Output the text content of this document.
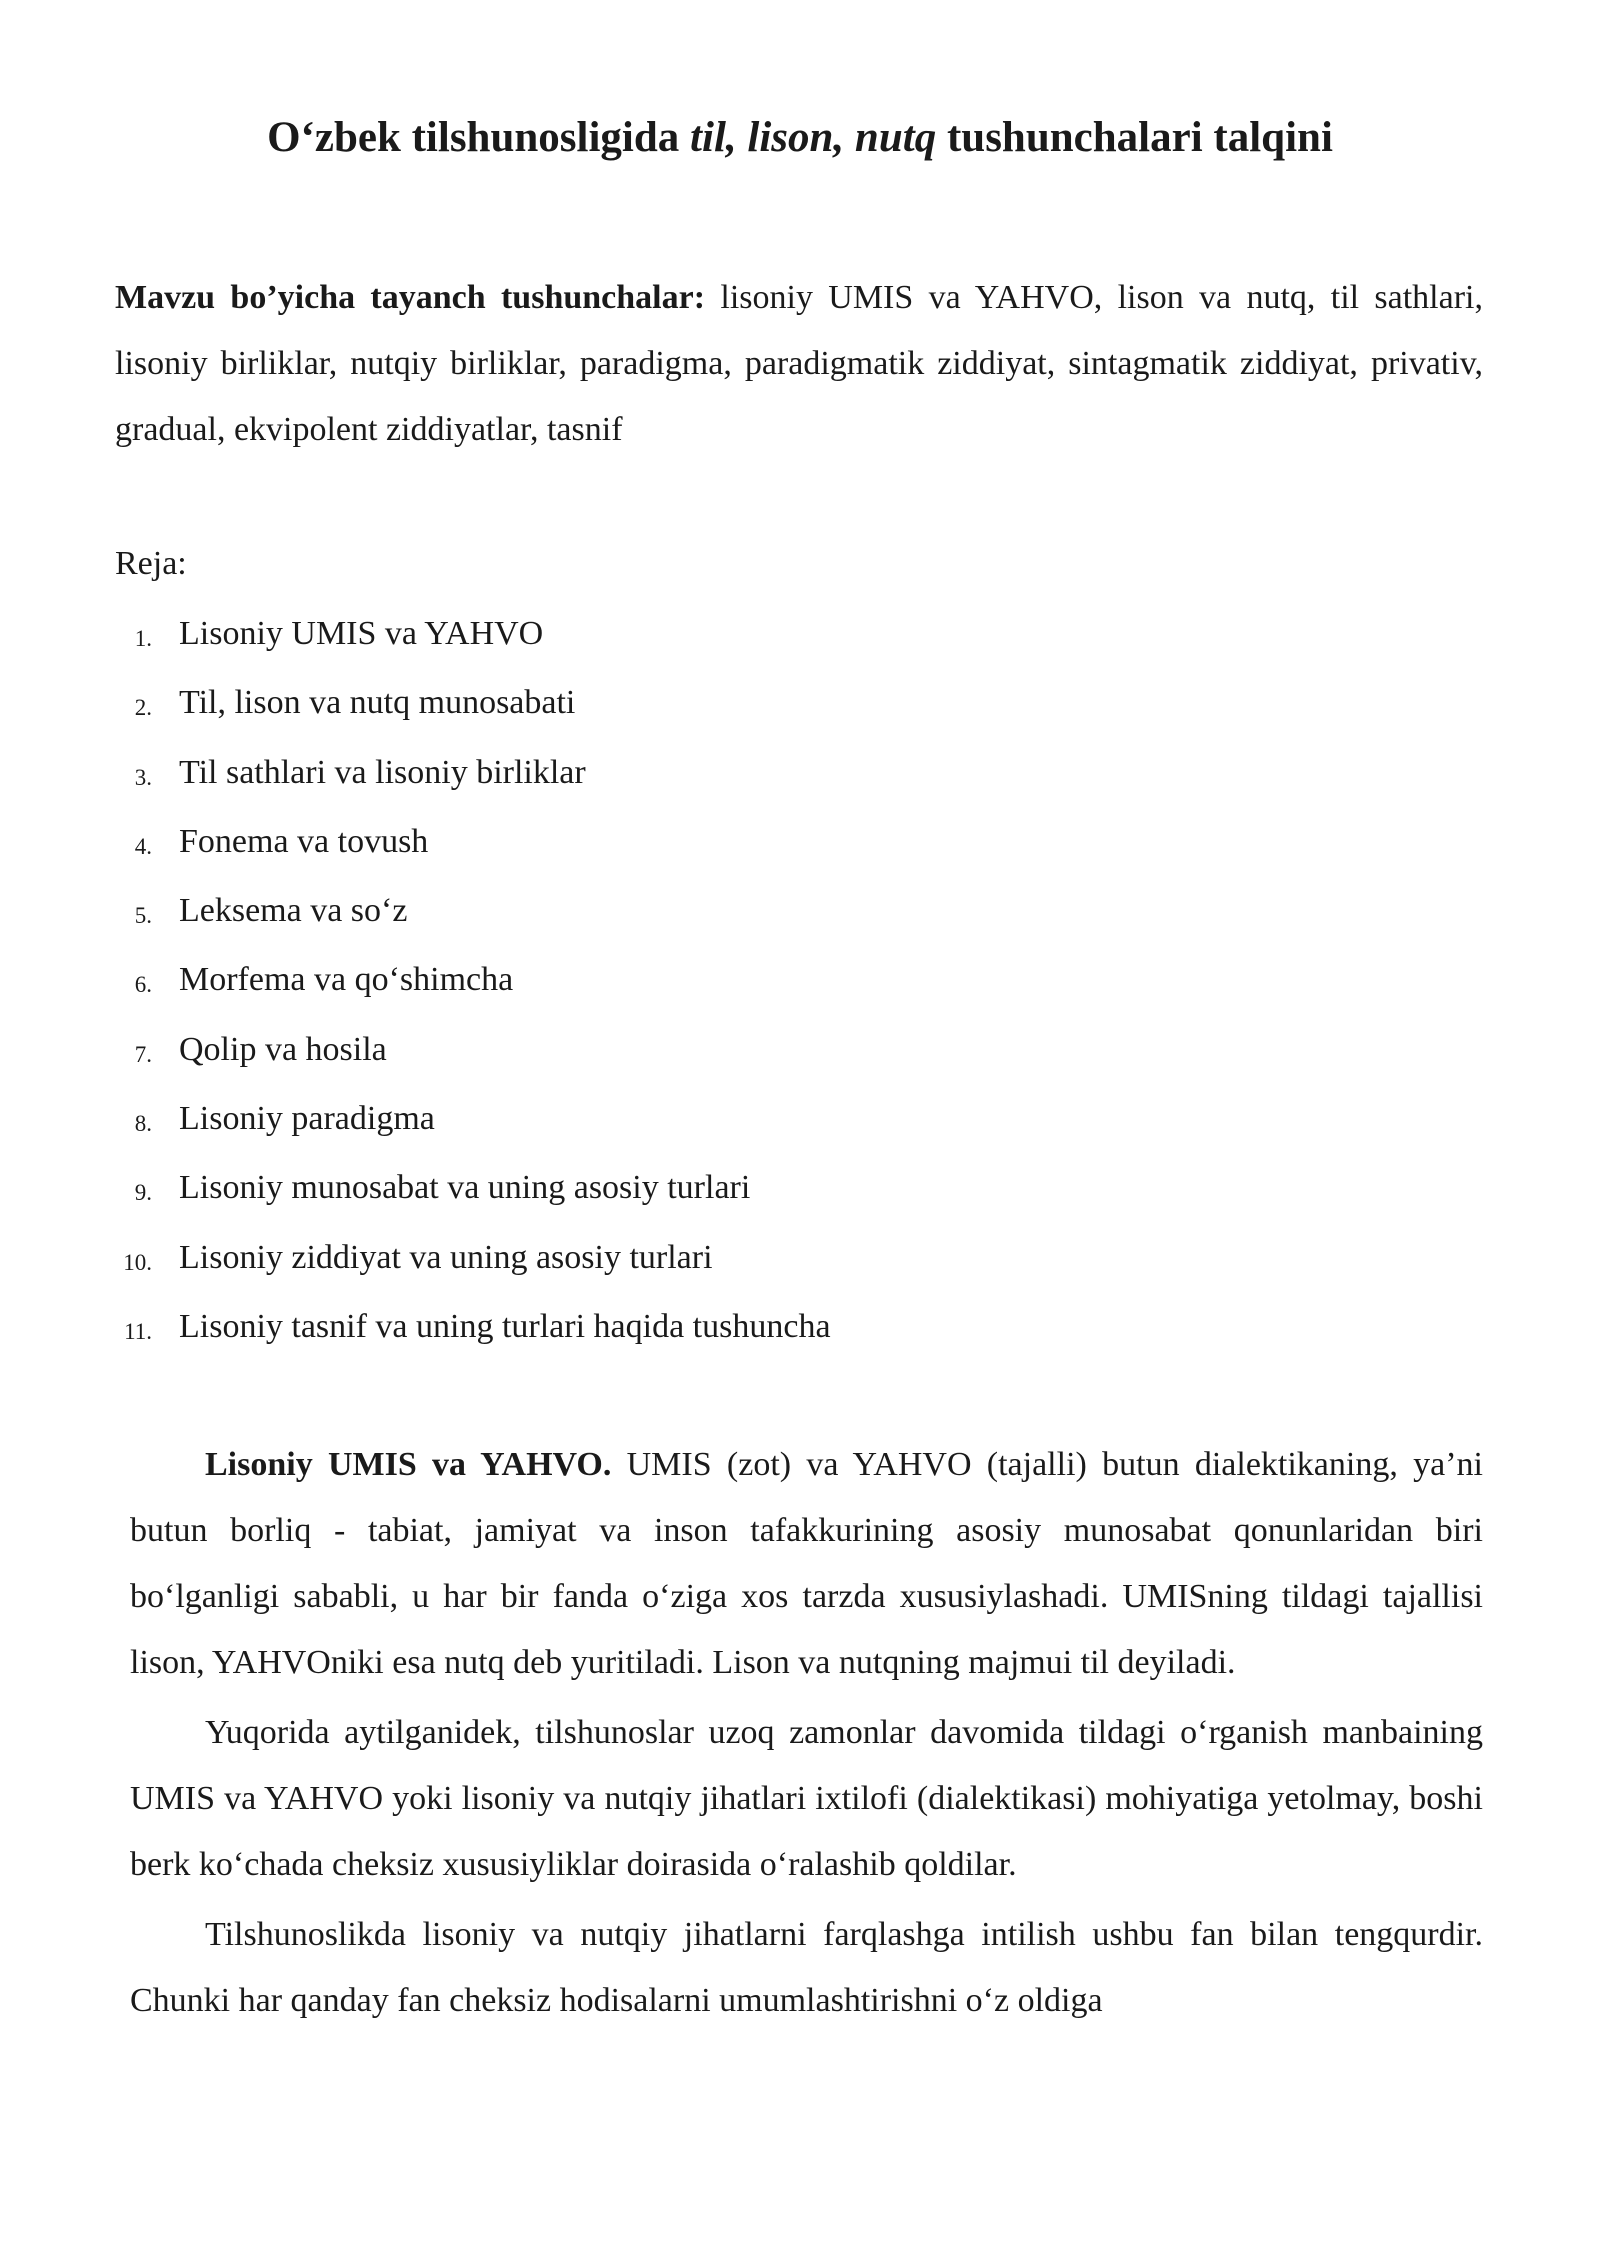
O‘zbek tilshunosligida til, lison, nutq tushunchalari talqini
Mavzu bo’yicha tayanch tushunchalar: lisoniy UMIS va YAHVO, lison va nutq, til sathlari, lisoniy birliklar, nutqiy birliklar, paradigma, paradigmatik ziddiyat, sintagmatik ziddiyat, privativ, gradual, ekvipolent ziddiyatlar, tasnif
Reja:
1. Lisoniy UMIS va YAHVO
2. Til, lison va nutq munosabati
3. Til sathlari va lisoniy birliklar
4. Fonema va tovush
5. Leksema va so‘z
6. Morfema va qo‘shimcha
7. Qolip va hosila
8. Lisoniy paradigma
9. Lisoniy munosabat va uning asosiy turlari
10. Lisoniy ziddiyat va uning asosiy turlari
11. Lisoniy tasnif va uning turlari haqida tushuncha

Lisoniy UMIS va YAHVO. UMIS (zot) va YAHVO (tajalli) butun dialektikaning, ya’ni butun borliq - tabiat, jamiyat va inson tafakkurining asosiy munosabat qonunlaridan biri bo‘lganligi sababli, u har bir fanda o‘ziga xos tarzda xususiylashadi. UMISning tildagi tajallisi lison, YAHVOniki esa nutq deb yuritiladi. Lison va nutqning majmui til deyiladi.

Yuqorida aytilganidek, tilshunoslar uzoq zamonlar davomida tildagi o‘rganish manbaining UMIS va YAHVO yoki lisoniy va nutqiy jihatlari ixtilofi (dialektikasi) mohiyatiga yetolmay, boshi berk ko‘chada cheksiz xususiyliklar doirasida o‘ralashib qoldilar.

Tilshunoslikda lisoniy va nutqiy jihatlarni farqlashga intilish ushbu fan bilan tengqurdir. Chunki har qanday fan cheksiz hodisalarni umumlashtirishni o‘z oldiga
